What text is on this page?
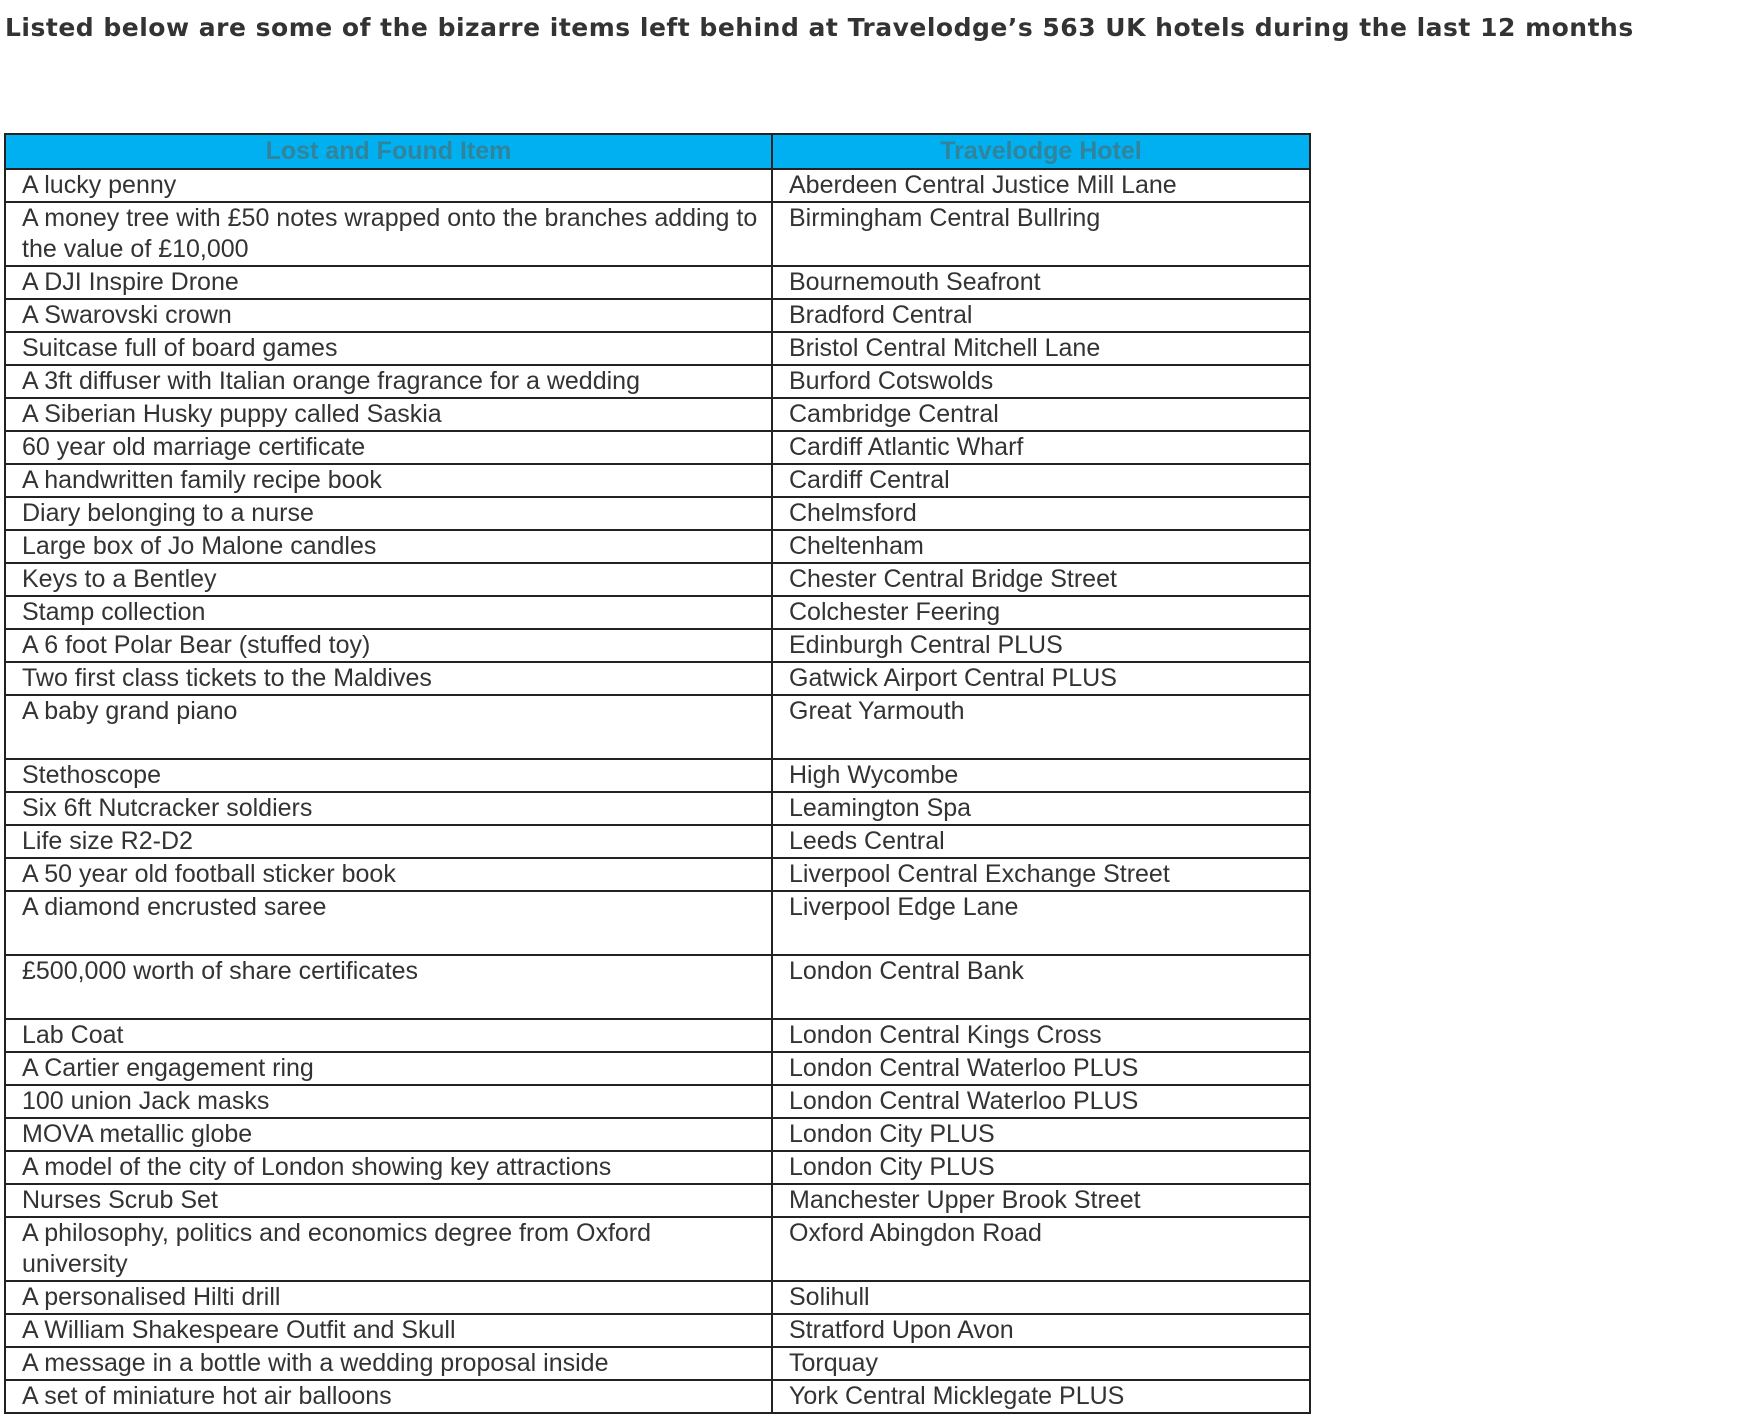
Listed below are some of the bizarre items left behind at Travelodge’s 563 UK hotels during the last 12 months
Lost and Found Item	Travelodge Hotel
A lucky penny	Aberdeen Central Justice Mill Lane
A money tree with £50 notes wrapped onto the branches adding to the value of £10,000	Birmingham Central Bullring
A DJI Inspire Drone	Bournemouth Seafront
A Swarovski crown	Bradford Central
Suitcase full of board games	Bristol Central Mitchell Lane
A 3ft diffuser with Italian orange fragrance for a wedding	Burford Cotswolds
A Siberian Husky puppy called Saskia	Cambridge Central
60 year old marriage certificate	Cardiff Atlantic Wharf
A handwritten family recipe book	Cardiff Central
Diary belonging to a nurse	Chelmsford
Large box of Jo Malone candles	Cheltenham
Keys to a Bentley	Chester Central Bridge Street
Stamp collection	Colchester Feering
A 6 foot Polar Bear (stuffed toy)	Edinburgh Central PLUS
Two first class tickets to the Maldives	Gatwick Airport Central PLUS
A baby grand piano	Great Yarmouth
Stethoscope	High Wycombe
Six 6ft Nutcracker soldiers	Leamington Spa
Life size R2-D2	Leeds Central
A 50 year old football sticker book	Liverpool Central Exchange Street
A diamond encrusted saree	Liverpool Edge Lane
£500,000 worth of share certificates	London Central Bank
Lab Coat	London Central Kings Cross
A Cartier engagement ring	London Central Waterloo PLUS
100 union Jack masks	London Central Waterloo PLUS
MOVA metallic globe	London City PLUS
A model of the city of London showing key attractions	London City PLUS
Nurses Scrub Set	Manchester Upper Brook Street
A philosophy, politics and economics degree from Oxford university	Oxford Abingdon Road
A personalised Hilti drill	Solihull
A William Shakespeare Outfit and Skull	Stratford Upon Avon
A message in a bottle with a wedding proposal inside	Torquay
A set of miniature hot air balloons	York Central Micklegate PLUS
